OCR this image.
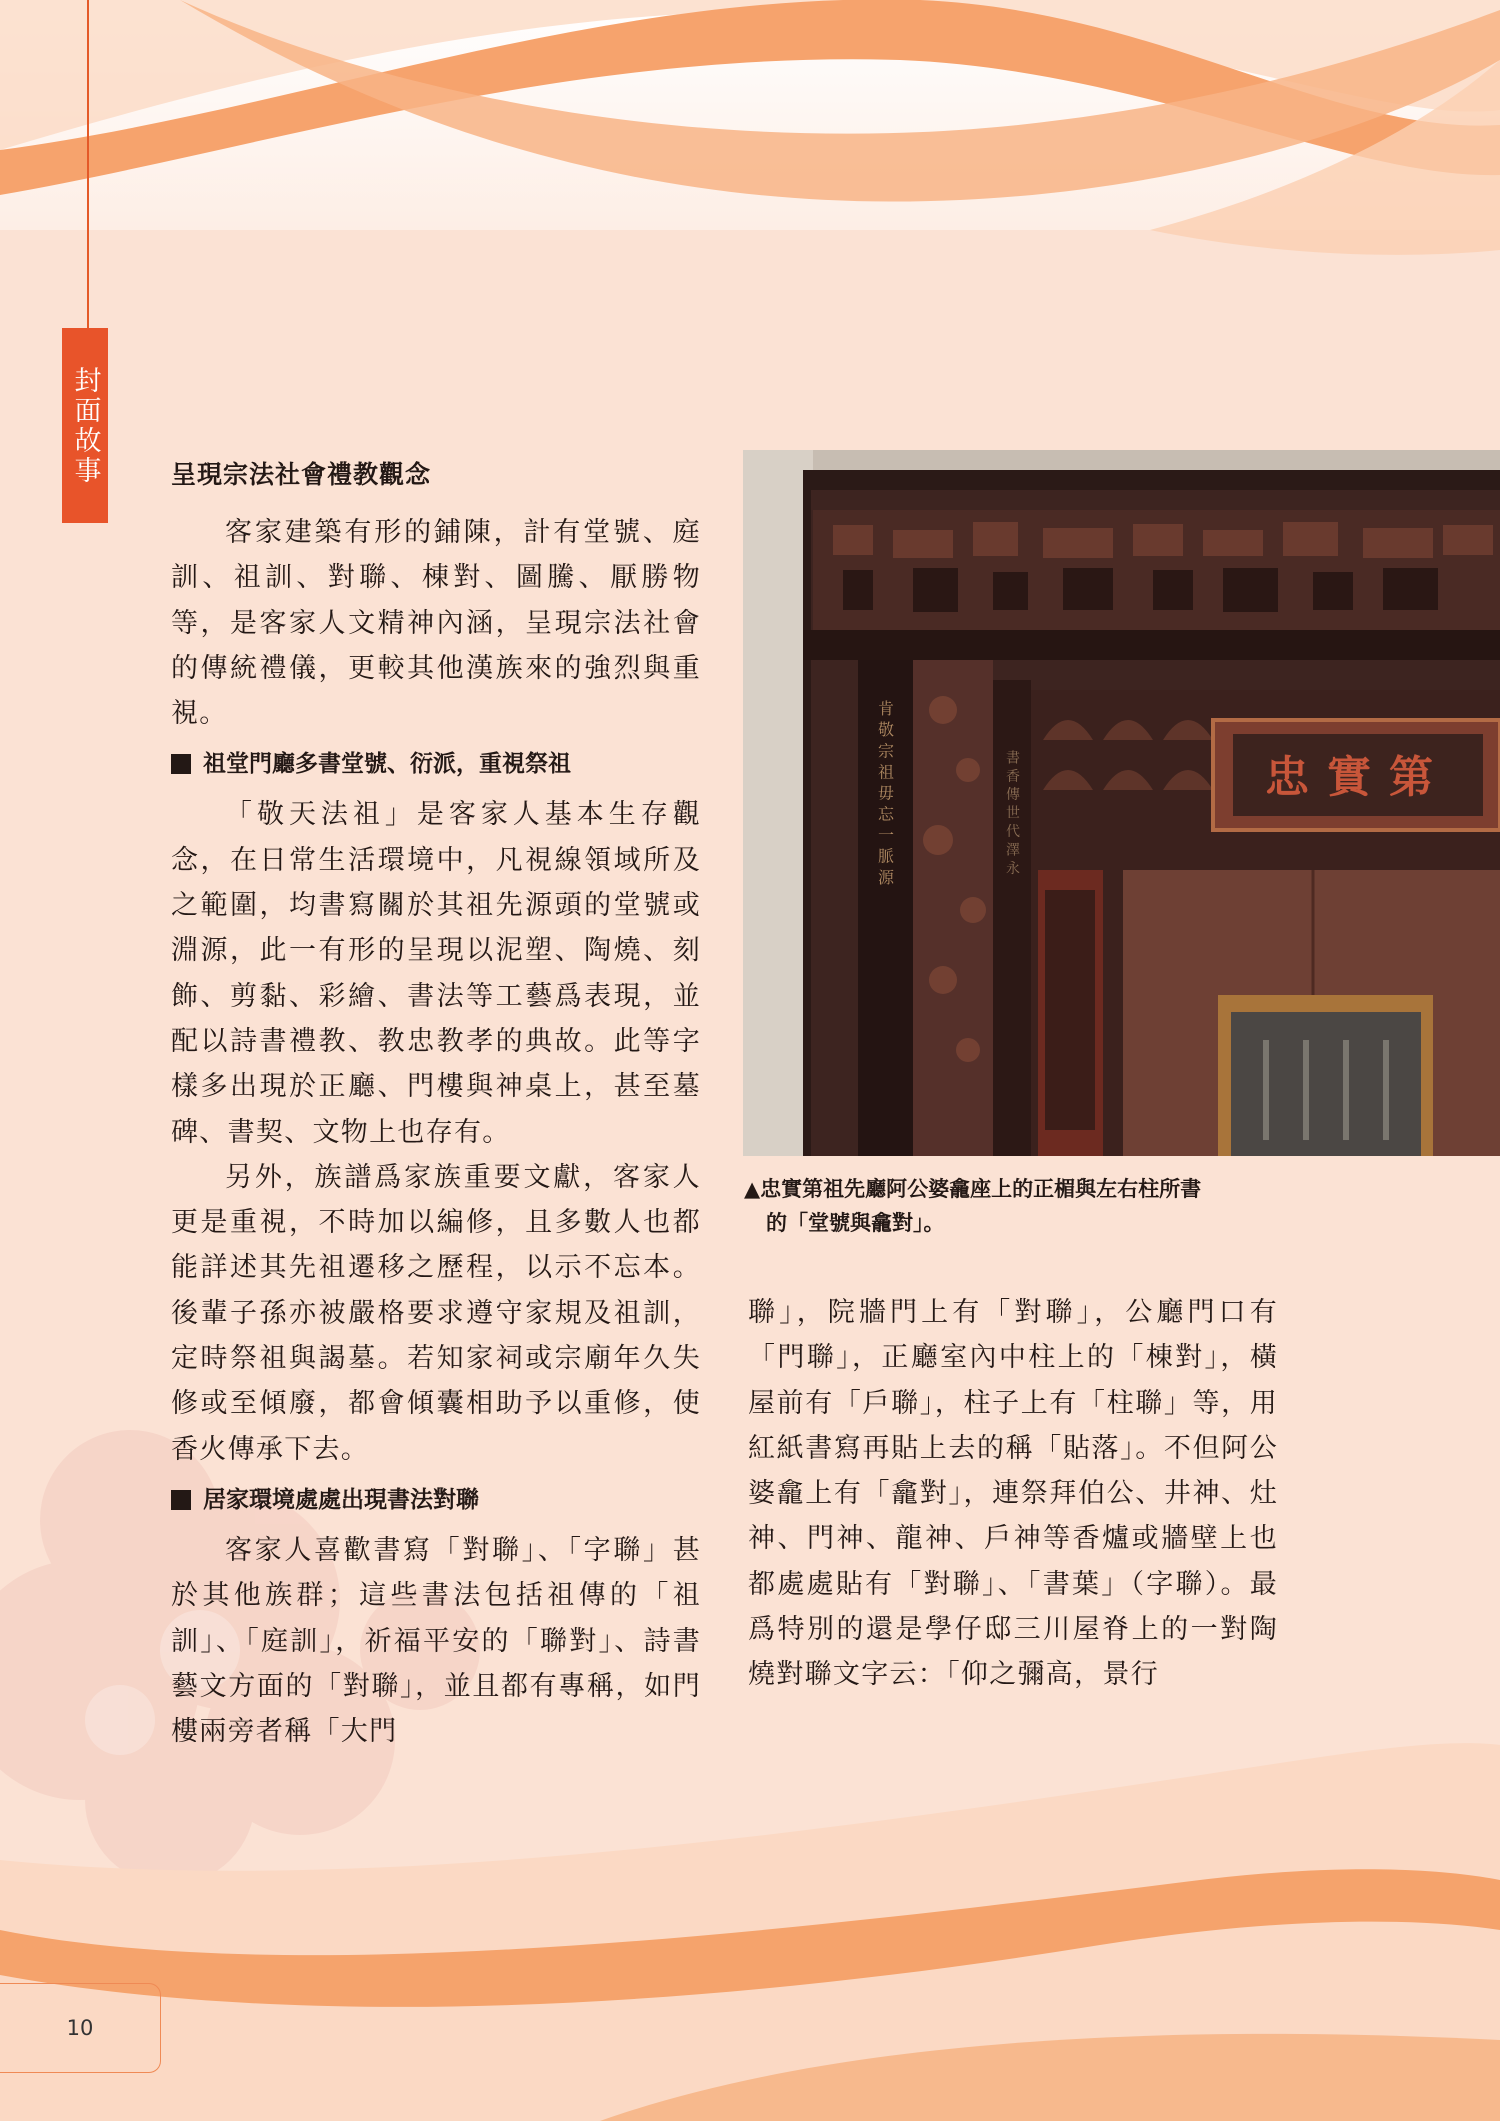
封面故事	呈現宗法社會禮教觀念

客家建築有形的鋪陳，計有堂號、庭訓、祖訓、對聯、棟對、圖騰、厭勝物等，是客家人文精神內涵，呈現宗法社會的傳統禮儀，更較其他漢族來的強烈與重視。

祖堂門廳多書堂號、衍派，重視祭祖

「敬天法祖」是客家人基本生存觀念，在日常生活環境中，凡視線領域所及之範圍，均書寫關於其祖先源頭的堂號或淵源，此一有形的呈現以泥塑、陶燒、刻飾、剪黏、彩繪、書法等工藝爲表現，並配以詩書禮教、教忠教孝的典故。此等字樣多出現於正廳、門樓與神桌上，甚至墓碑、書契、文物上也存有。

另外，族譜爲家族重要文獻，客家人更是重視，不時加以編修，且多數人也都能詳述其先祖遷移之歷程，以示不忘本。後輩子孫亦被嚴格要求遵守家規及祖訓，定時祭祖與謁墓。若知家祠或宗廟年久失修或至傾廢，都會傾囊相助予以重修，使香火傳承下去。

居家環境處處出現書法對聯

客家人喜歡書寫「對聯」、「字聯」甚於其他族群；這些書法包括祖傳的「祖訓」、「庭訓」，祈福平安的「聯對」、詩書藝文方面的「對聯」，並且都有專稱，如門樓兩旁者稱「大門

肯 敬 宗 祖 毋 忘 一 脈 源	書 香 傳 世 代 澤 永	忠實第
▲忠實第祖先廳阿公婆龕座上的正楣與左右柱所書
的「堂號與龕對」。

聯」，院牆門上有「對聯」，公廳門口有「門聯」，正廳室內中柱上的「棟對」，橫屋前有「戶聯」，柱子上有「柱聯」等，用紅紙書寫再貼上去的稱「貼落」。不但阿公婆龕上有「龕對」，連祭拜伯公、井神、灶神、門神、龍神、戶神等香爐或牆壁上也都處處貼有「對聯」、「書葉」（字聯）。最爲特別的還是學仔邸三川屋脊上的一對陶燒對聯文字云：「仰之彌高，景行

10
